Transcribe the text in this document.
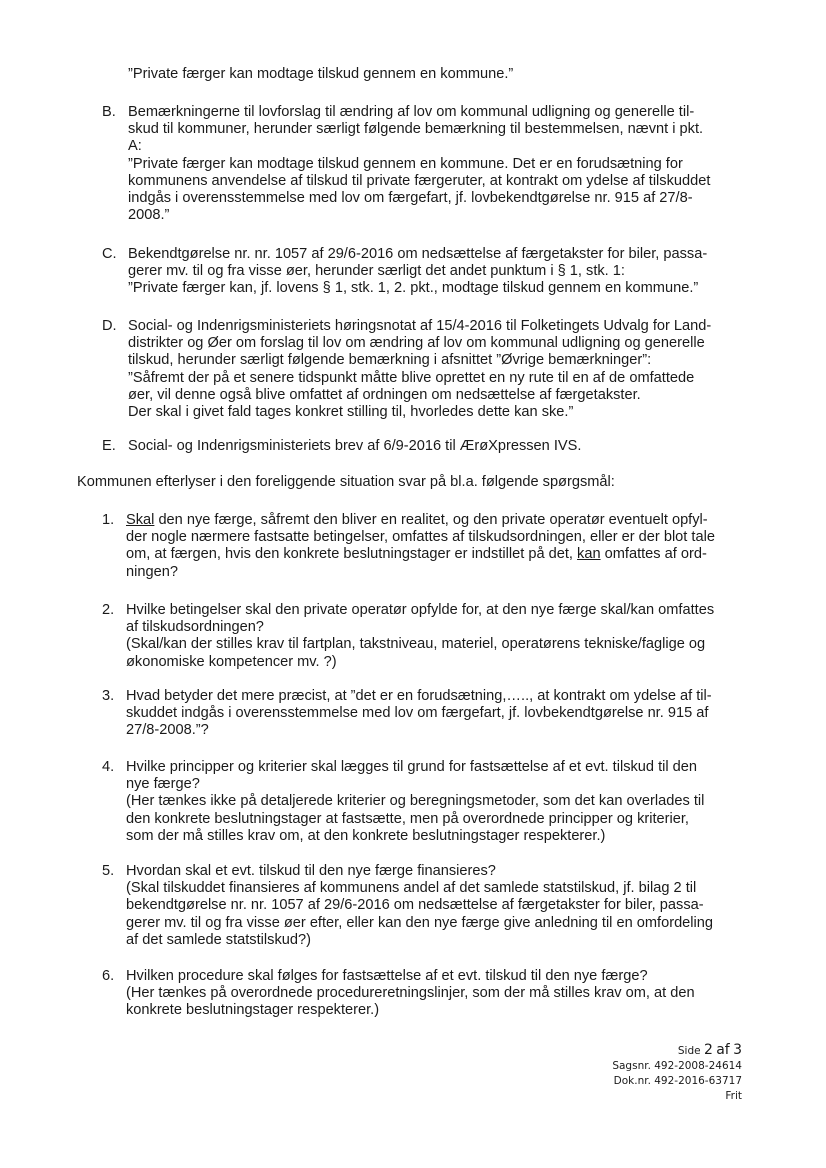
”Private færger kan modtage tilskud gennem en kommune.”
B. Bemærkningerne til lovforslag til ændring af lov om kommunal udligning og generelle til-

skud til kommuner, herunder særligt følgende bemærkning til bestemmelsen, nævnt i pkt.

A:

”Private færger kan modtage tilskud gennem en kommune. Det er en forudsætning for

kommunens anvendelse af tilskud til private færgeruter, at kontrakt om ydelse af tilskuddet

indgås i overensstemmelse med lov om færgefart, jf. lovbekendtgørelse nr. 915 af 27/8-

2008.”

C. Bekendtgørelse nr. nr. 1057 af 29/6-2016 om nedsættelse af færgetakster for biler, passa-

gerer mv. til og fra visse øer, herunder særligt det andet punktum i § 1, stk. 1:

”Private færger kan, jf. lovens § 1, stk. 1, 2. pkt., modtage tilskud gennem en kommune.”

D. Social- og Indenrigsministeriets høringsnotat af 15/4-2016 til Folketingets Udvalg for Land-

distrikter og Øer om forslag til lov om ændring af lov om kommunal udligning og generelle

tilskud, herunder særligt følgende bemærkning i afsnittet ”Øvrige bemærkninger”:

”Såfremt der på et senere tidspunkt måtte blive oprettet en ny rute til en af de omfattede

øer, vil denne også blive omfattet af ordningen om nedsættelse af færgetakster.

Der skal i givet fald tages konkret stilling til, hvorledes dette kan ske.”

E. Social- og Indenrigsministeriets brev af 6/9-2016 til ÆrøXpressen IVS.

Kommunen efterlyser i den foreliggende situation svar på bl.a. følgende spørgsmål:
1. Skal den nye færge, såfremt den bliver en realitet, og den private operatør eventuelt opfyl-

der nogle nærmere fastsatte betingelser, omfattes af tilskudsordningen, eller er der blot tale

om, at færgen, hvis den konkrete beslutningstager er indstillet på det, kan omfattes af ord-

ningen?

2. Hvilke betingelser skal den private operatør opfylde for, at den nye færge skal/kan omfattes

af tilskudsordningen?

(Skal/kan der stilles krav til fartplan, takstniveau, materiel, operatørens tekniske/faglige og

økonomiske kompetencer mv. ?)

3. Hvad betyder det mere præcist, at ”det er en forudsætning,….., at kontrakt om ydelse af til-

skuddet indgås i overensstemmelse med lov om færgefart, jf. lovbekendtgørelse nr. 915 af

27/8-2008.”?

4. Hvilke principper og kriterier skal lægges til grund for fastsættelse af et evt. tilskud til den

nye færge?

(Her tænkes ikke på detaljerede kriterier og beregningsmetoder, som det kan overlades til

den konkrete beslutningstager at fastsætte, men på overordnede principper og kriterier,

som der må stilles krav om, at den konkrete beslutningstager respekterer.)

5. Hvordan skal et evt. tilskud til den nye færge finansieres?

(Skal tilskuddet finansieres af kommunens andel af det samlede statstilskud, jf. bilag 2 til

bekendtgørelse nr. nr. 1057 af 29/6-2016 om nedsættelse af færgetakster for biler, passa-

gerer mv. til og fra visse øer efter, eller kan den nye færge give anledning til en omfordeling

af det samlede statstilskud?)

6. Hvilken procedure skal følges for fastsættelse af et evt. tilskud til den nye færge?

(Her tænkes på overordnede procedureretningslinjer, som der må stilles krav om, at den

konkrete beslutningstager respekterer.)

Side 2 af 3
Sagsnr. 492-2008-24614
Dok.nr. 492-2016-63717
Frit
